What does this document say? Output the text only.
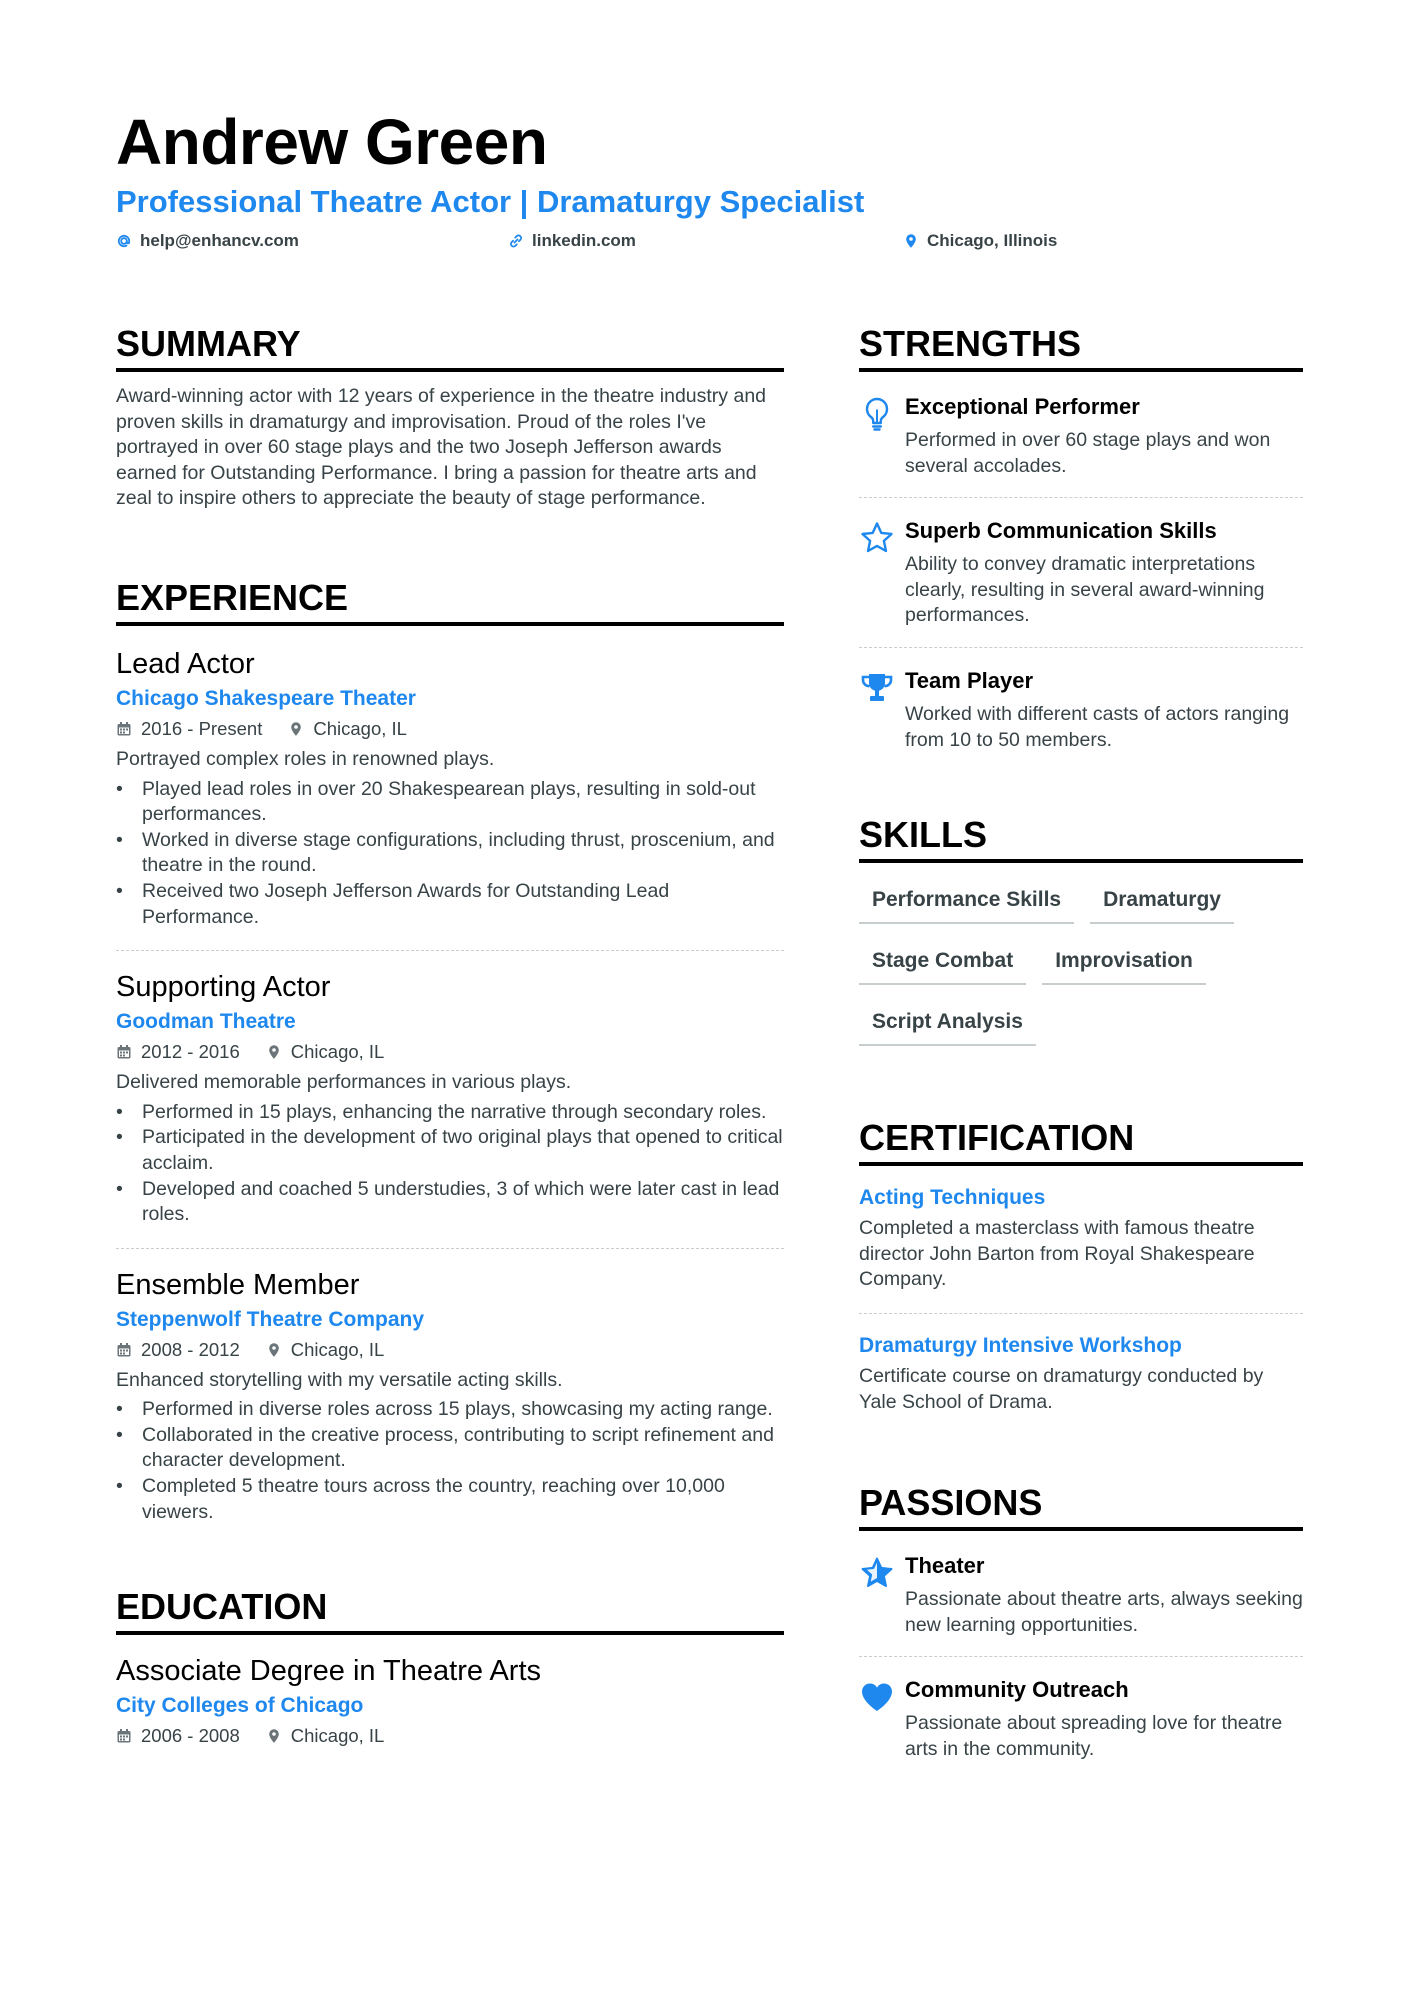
Andrew Green
Professional Theatre Actor | Dramaturgy Specialist
help@enhancv.com	linkedin.com	Chicago, Illinois
SUMMARY

Award-winning actor with 12 years of experience in the theatre industry and proven skills in dramaturgy and improvisation. Proud of the roles I've portrayed in over 60 stage plays and the two Joseph Jefferson awards earned for Outstanding Performance. I bring a passion for theatre arts and zeal to inspire others to appreciate the beauty of stage performance.

EXPERIENCE
Lead Actor
Chicago Shakespeare Theater
2016 - Present	Chicago, IL

Portrayed complex roles in renowned plays.

• Played lead roles in over 20 Shakespearean plays, resulting in sold-out performances.
• Worked in diverse stage configurations, including thrust, proscenium, and theatre in the round.
• Received two Joseph Jefferson Awards for Outstanding Lead Performance.
Supporting Actor
Goodman Theatre
2012 - 2016	Chicago, IL

Delivered memorable performances in various plays.

• Performed in 15 plays, enhancing the narrative through secondary roles.
• Participated in the development of two original plays that opened to critical acclaim.
• Developed and coached 5 understudies, 3 of which were later cast in lead roles.
Ensemble Member
Steppenwolf Theatre Company
2008 - 2012	Chicago, IL

Enhanced storytelling with my versatile acting skills.

• Performed in diverse roles across 15 plays, showcasing my acting range.
• Collaborated in the creative process, contributing to script refinement and character development.
• Completed 5 theatre tours across the country, reaching over 10,000 viewers.
EDUCATION
Associate Degree in Theatre Arts
City Colleges of Chicago
2006 - 2008	Chicago, IL
STRENGTHS
Exceptional Performer

Performed in over 60 stage plays and won several accolades.

Superb Communication Skills

Ability to convey dramatic interpretations clearly, resulting in several award-winning performances.

Team Player

Worked with different casts of actors ranging from 10 to 50 members.

SKILLS
Performance Skills	Dramaturgy
Stage Combat	Improvisation
Script Analysis
CERTIFICATION
Acting Techniques

Completed a masterclass with famous theatre director John Barton from Royal Shakespeare Company.

Dramaturgy Intensive Workshop

Certificate course on dramaturgy conducted by Yale School of Drama.

PASSIONS
Theater

Passionate about theatre arts, always seeking new learning opportunities.

Community Outreach

Passionate about spreading love for theatre arts in the community.
